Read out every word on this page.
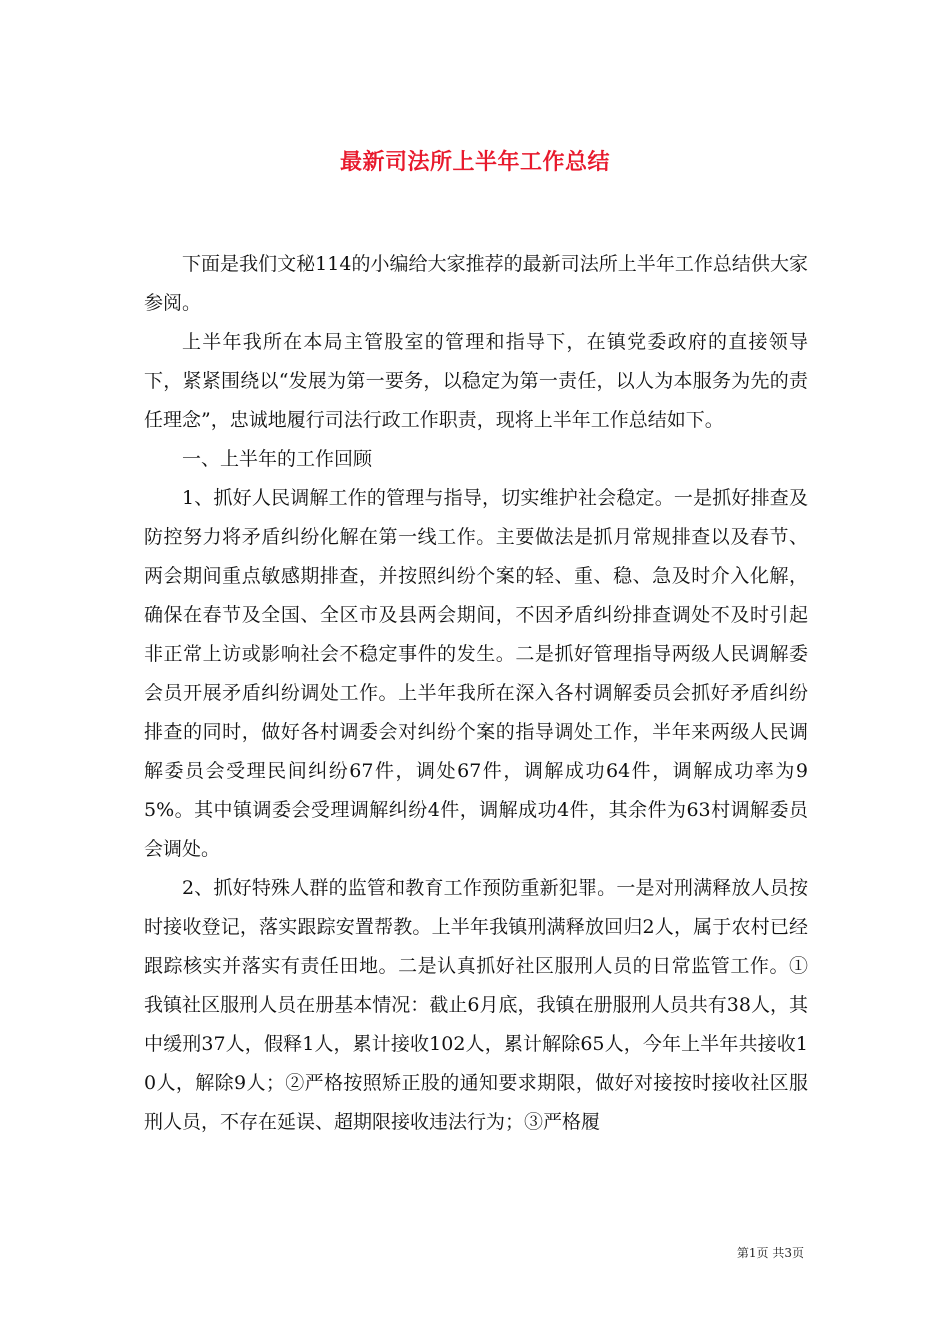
最新司法所上半年工作总结

下面是我们文秘114的小编给大家推荐的最新司法所上半年工作总结供大家参阅。

上半年我所在本局主管股室的管理和指导下，在镇党委政府的直接领导下，紧紧围绕以“发展为第一要务，以稳定为第一责任，以人为本服务为先的责任理念”，忠诚地履行司法行政工作职责，现将上半年工作总结如下。

一、上半年的工作回顾

1、抓好人民调解工作的管理与指导，切实维护社会稳定。一是抓好排查及防控努力将矛盾纠纷化解在第一线工作。主要做法是抓月常规排查以及春节、两会期间重点敏感期排查，并按照纠纷个案的轻、重、稳、急及时介入化解，确保在春节及全国、全区市及县两会期间，不因矛盾纠纷排查调处不及时引起非正常上访或影响社会不稳定事件的发生。二是抓好管理指导两级人民调解委会员开展矛盾纠纷调处工作。上半年我所在深入各村调解委员会抓好矛盾纠纷排查的同时，做好各村调委会对纠纷个案的指导调处工作，半年来两级人民调解委员会受理民间纠纷67件，调处67件，调解成功64件，调解成功率为95%。其中镇调委会受理调解纠纷4件，调解成功4件，其余件为63村调解委员会调处。

2、抓好特殊人群的监管和教育工作预防重新犯罪。一是对刑满释放人员按时接收登记，落实跟踪安置帮教。上半年我镇刑满释放回归2人，属于农村已经跟踪核实并落实有责任田地。二是认真抓好社区服刑人员的日常监管工作。①我镇社区服刑人员在册基本情况：截止6月底，我镇在册服刑人员共有38人，其中缓刑37人，假释1人，累计接收102人，累计解除65人，今年上半年共接收10人，解除9人；②严格按照矫正股的通知要求期限，做好对接按时接收社区服刑人员，不存在延误、超期限接收违法行为；③严格履

第1页 共3页
